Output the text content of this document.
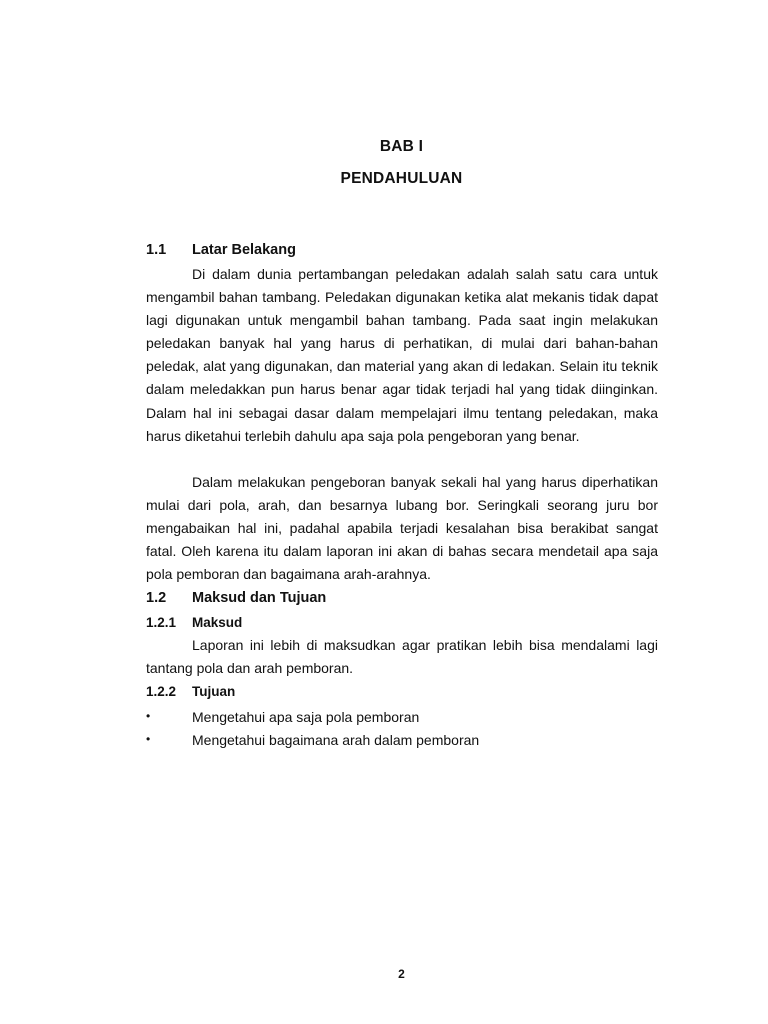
BAB I
PENDAHULUAN
1.1 Latar Belakang

Di dalam dunia pertambangan peledakan adalah salah satu cara untuk mengambil bahan tambang. Peledakan digunakan ketika alat mekanis tidak dapat lagi digunakan untuk mengambil bahan tambang. Pada saat ingin melakukan peledakan banyak hal yang harus di perhatikan, di mulai dari bahan-bahan peledak, alat yang digunakan, dan material yang akan di ledakan. Selain itu teknik dalam meledakkan pun harus benar agar tidak terjadi hal yang tidak diinginkan. Dalam hal ini sebagai dasar dalam mempelajari ilmu tentang peledakan, maka harus diketahui terlebih dahulu apa saja pola pengeboran yang benar.

Dalam melakukan pengeboran banyak sekali hal yang harus diperhatikan mulai dari pola, arah, dan besarnya lubang bor. Seringkali seorang juru bor mengabaikan hal ini, padahal apabila terjadi kesalahan bisa berakibat sangat fatal. Oleh karena itu dalam laporan ini akan di bahas secara mendetail apa saja pola pemboran dan bagaimana arah-arahnya.

1.2 Maksud dan Tujuan
1.2.1 Maksud

Laporan ini lebih di maksudkan agar pratikan lebih bisa mendalami lagi tantang pola dan arah pemboran.

1.2.2 Tujuan
•	Mengetahui apa saja pola pemboran
•	Mengetahui bagaimana arah dalam pemboran
2
